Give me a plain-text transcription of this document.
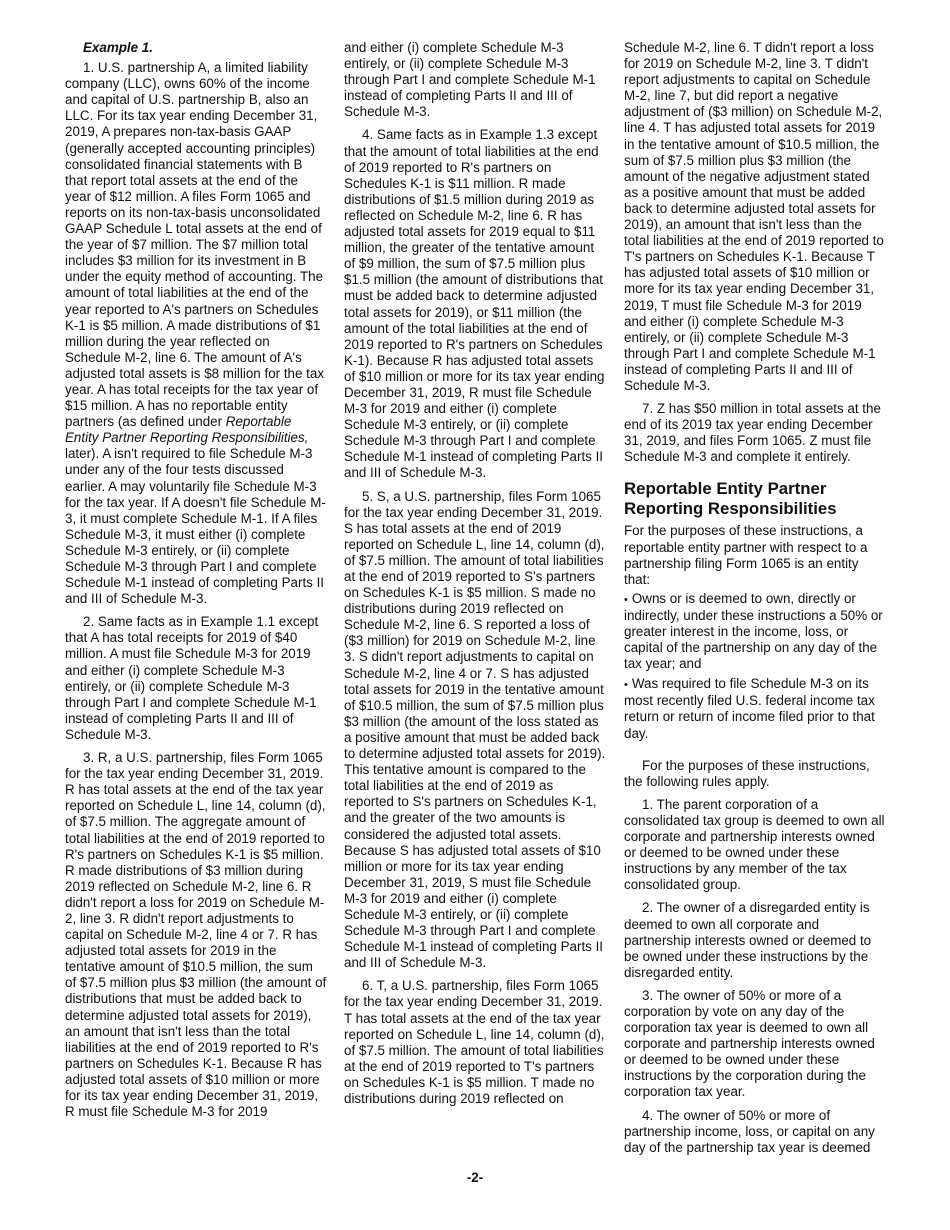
Example 1.

1. U.S. partnership A, a limited liability company (LLC), owns 60% of the income and capital of U.S. partnership B, also an LLC. For its tax year ending December 31, 2019, A prepares non-tax-basis GAAP (generally accepted accounting principles) consolidated financial statements with B that report total assets at the end of the year of $12 million. A files Form 1065 and reports on its non-tax-basis unconsolidated GAAP Schedule L total assets at the end of the year of $7 million. The $7 million total includes $3 million for its investment in B under the equity method of accounting. The amount of total liabilities at the end of the year reported to A's partners on Schedules K-1 is $5 million. A made distributions of $1 million during the year reflected on Schedule M-2, line 6. The amount of A's adjusted total assets is $8 million for the tax year. A has total receipts for the tax year of $15 million. A has no reportable entity partners (as defined under Reportable Entity Partner Reporting Responsibilities, later). A isn't required to file Schedule M-3 under any of the four tests discussed earlier. A may voluntarily file Schedule M-3 for the tax year. If A doesn't file Schedule M-3, it must complete Schedule M-1. If A files Schedule M-3, it must either (i) complete Schedule M-3 entirely, or (ii) complete Schedule M-3 through Part I and complete Schedule M-1 instead of completing Parts II and III of Schedule M-3.

2. Same facts as in Example 1.1 except that A has total receipts for 2019 of $40 million. A must file Schedule M-3 for 2019 and either (i) complete Schedule M-3 entirely, or (ii) complete Schedule M-3 through Part I and complete Schedule M-1 instead of completing Parts II and III of Schedule M-3.

3. R, a U.S. partnership, files Form 1065 for the tax year ending December 31, 2019. R has total assets at the end of the tax year reported on Schedule L, line 14, column (d), of $7.5 million. The aggregate amount of total liabilities at the end of 2019 reported to R's partners on Schedules K-1 is $5 million. R made distributions of $3 million during 2019 reflected on Schedule M-2, line 6. R didn't report a loss for 2019 on Schedule M-2, line 3. R didn't report adjustments to capital on Schedule M-2, line 4 or 7. R has adjusted total assets for 2019 in the tentative amount of $10.5 million, the sum of $7.5 million plus $3 million (the amount of distributions that must be added back to determine adjusted total assets for 2019), an amount that isn't less than the total liabilities at the end of 2019 reported to R's partners on Schedules K-1. Because R has adjusted total assets of $10 million or more for its tax year ending December 31, 2019, R must file Schedule M-3 for 2019

and either (i) complete Schedule M-3 entirely, or (ii) complete Schedule M-3 through Part I and complete Schedule M-1 instead of completing Parts II and III of Schedule M-3.

4. Same facts as in Example 1.3 except that the amount of total liabilities at the end of 2019 reported to R's partners on Schedules K-1 is $11 million. R made distributions of $1.5 million during 2019 as reflected on Schedule M-2, line 6. R has adjusted total assets for 2019 equal to $11 million, the greater of the tentative amount of $9 million, the sum of $7.5 million plus $1.5 million (the amount of distributions that must be added back to determine adjusted total assets for 2019), or $11 million (the amount of the total liabilities at the end of 2019 reported to R's partners on Schedules K-1). Because R has adjusted total assets of $10 million or more for its tax year ending December 31, 2019, R must file Schedule M-3 for 2019 and either (i) complete Schedule M-3 entirely, or (ii) complete Schedule M-3 through Part I and complete Schedule M-1 instead of completing Parts II and III of Schedule M-3.

5. S, a U.S. partnership, files Form 1065 for the tax year ending December 31, 2019. S has total assets at the end of 2019 reported on Schedule L, line 14, column (d), of $7.5 million. The amount of total liabilities at the end of 2019 reported to S's partners on Schedules K-1 is $5 million. S made no distributions during 2019 reflected on Schedule M-2, line 6. S reported a loss of ($3 million) for 2019 on Schedule M-2, line 3. S didn't report adjustments to capital on Schedule M-2, line 4 or 7. S has adjusted total assets for 2019 in the tentative amount of $10.5 million, the sum of $7.5 million plus $3 million (the amount of the loss stated as a positive amount that must be added back to determine adjusted total assets for 2019). This tentative amount is compared to the total liabilities at the end of 2019 as reported to S's partners on Schedules K-1, and the greater of the two amounts is considered the adjusted total assets. Because S has adjusted total assets of $10 million or more for its tax year ending December 31, 2019, S must file Schedule M-3 for 2019 and either (i) complete Schedule M-3 entirely, or (ii) complete Schedule M-3 through Part I and complete Schedule M-1 instead of completing Parts II and III of Schedule M-3.

6. T, a U.S. partnership, files Form 1065 for the tax year ending December 31, 2019. T has total assets at the end of the tax year reported on Schedule L, line 14, column (d), of $7.5 million. The amount of total liabilities at the end of 2019 reported to T's partners on Schedules K-1 is $5 million. T made no distributions during 2019 reflected on

Schedule M-2, line 6. T didn't report a loss for 2019 on Schedule M-2, line 3. T didn't report adjustments to capital on Schedule M-2, line 7, but did report a negative adjustment of ($3 million) on Schedule M-2, line 4. T has adjusted total assets for 2019 in the tentative amount of $10.5 million, the sum of $7.5 million plus $3 million (the amount of the negative adjustment stated as a positive amount that must be added back to determine adjusted total assets for 2019), an amount that isn't less than the total liabilities at the end of 2019 reported to T's partners on Schedules K-1. Because T has adjusted total assets of $10 million or more for its tax year ending December 31, 2019, T must file Schedule M-3 for 2019 and either (i) complete Schedule M-3 entirely, or (ii) complete Schedule M-3 through Part I and complete Schedule M-1 instead of completing Parts II and III of Schedule M-3.

7. Z has $50 million in total assets at the end of its 2019 tax year ending December 31, 2019, and files Form 1065. Z must file Schedule M-3 and complete it entirely.

Reportable Entity Partner Reporting Responsibilities

For the purposes of these instructions, a reportable entity partner with respect to a partnership filing Form 1065 is an entity that:

• Owns or is deemed to own, directly or indirectly, under these instructions a 50% or greater interest in the income, loss, or capital of the partnership on any day of the tax year; and
• Was required to file Schedule M-3 on its most recently filed U.S. federal income tax return or return of income filed prior to that day.

For the purposes of these instructions, the following rules apply.

1. The parent corporation of a consolidated tax group is deemed to own all corporate and partnership interests owned or deemed to be owned under these instructions by any member of the tax consolidated group.

2. The owner of a disregarded entity is deemed to own all corporate and partnership interests owned or deemed to be owned under these instructions by the disregarded entity.

3. The owner of 50% or more of a corporation by vote on any day of the corporation tax year is deemed to own all corporate and partnership interests owned or deemed to be owned under these instructions by the corporation during the corporation tax year.

4. The owner of 50% or more of partnership income, loss, or capital on any day of the partnership tax year is deemed

-2-
